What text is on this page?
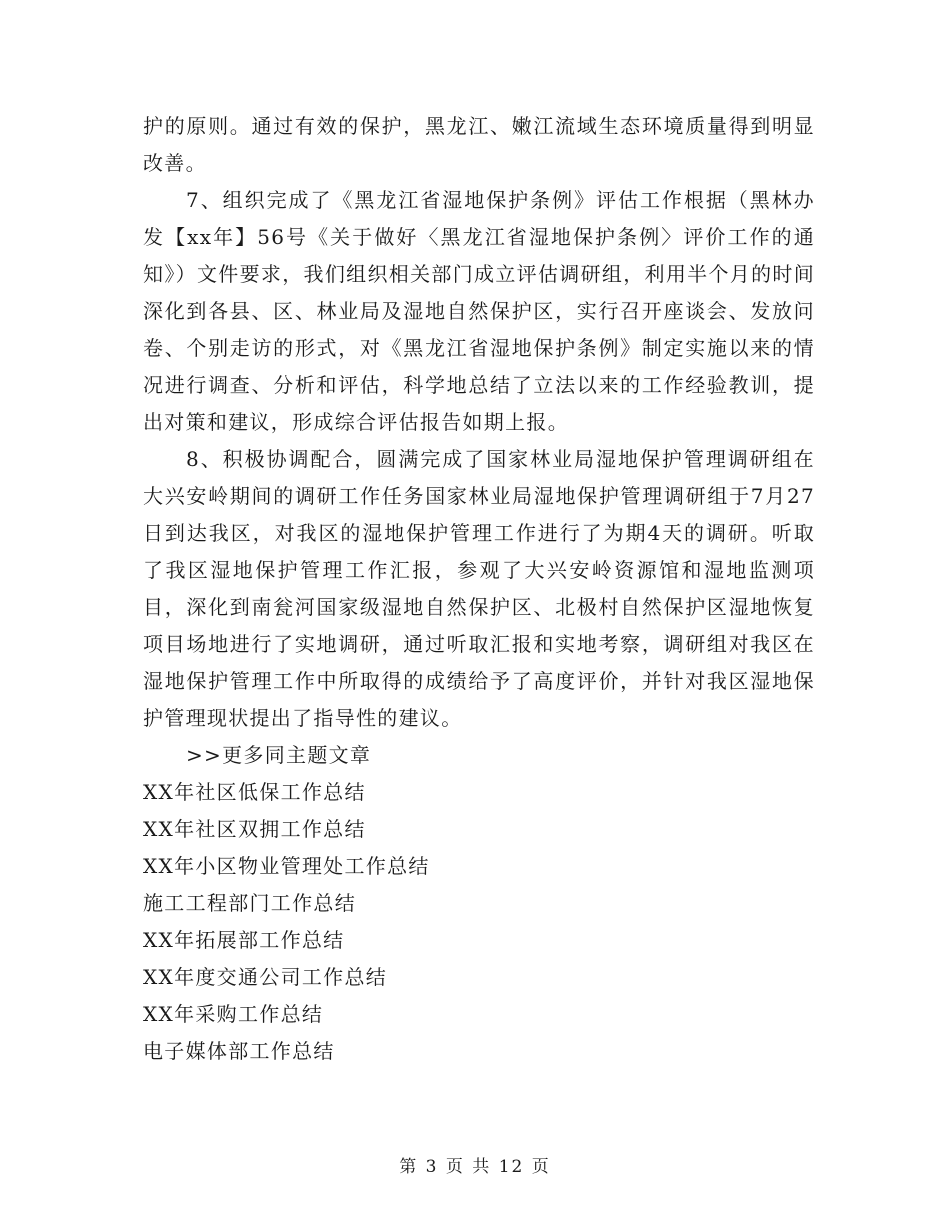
护的原则。通过有效的保护，黑龙江、嫩江流域生态环境质量得到明显改善。

7、组织完成了《黑龙江省湿地保护条例》评估工作根据（黑林办发【xx年】56号《关于做好〈黑龙江省湿地保护条例〉评价工作的通知》）文件要求，我们组织相关部门成立评估调研组，利用半个月的时间深化到各县、区、林业局及湿地自然保护区，实行召开座谈会、发放问卷、个别走访的形式，对《黑龙江省湿地保护条例》制定实施以来的情况进行调查、分析和评估，科学地总结了立法以来的工作经验教训，提出对策和建议，形成综合评估报告如期上报。

8、积极协调配合，圆满完成了国家林业局湿地保护管理调研组在大兴安岭期间的调研工作任务国家林业局湿地保护管理调研组于7月27日到达我区，对我区的湿地保护管理工作进行了为期4天的调研。听取了我区湿地保护管理工作汇报，参观了大兴安岭资源馆和湿地监测项目，深化到南瓮河国家级湿地自然保护区、北极村自然保护区湿地恢复项目场地进行了实地调研，通过听取汇报和实地考察，调研组对我区在湿地保护管理工作中所取得的成绩给予了高度评价，并针对我区湿地保护管理现状提出了指导性的建议。

>>更多同主题文章

XX年社区低保工作总结
XX年社区双拥工作总结
XX年小区物业管理处工作总结
施工工程部门工作总结
XX年拓展部工作总结
XX年度交通公司工作总结
XX年采购工作总结
电子媒体部工作总结
第 3 页 共 12 页
